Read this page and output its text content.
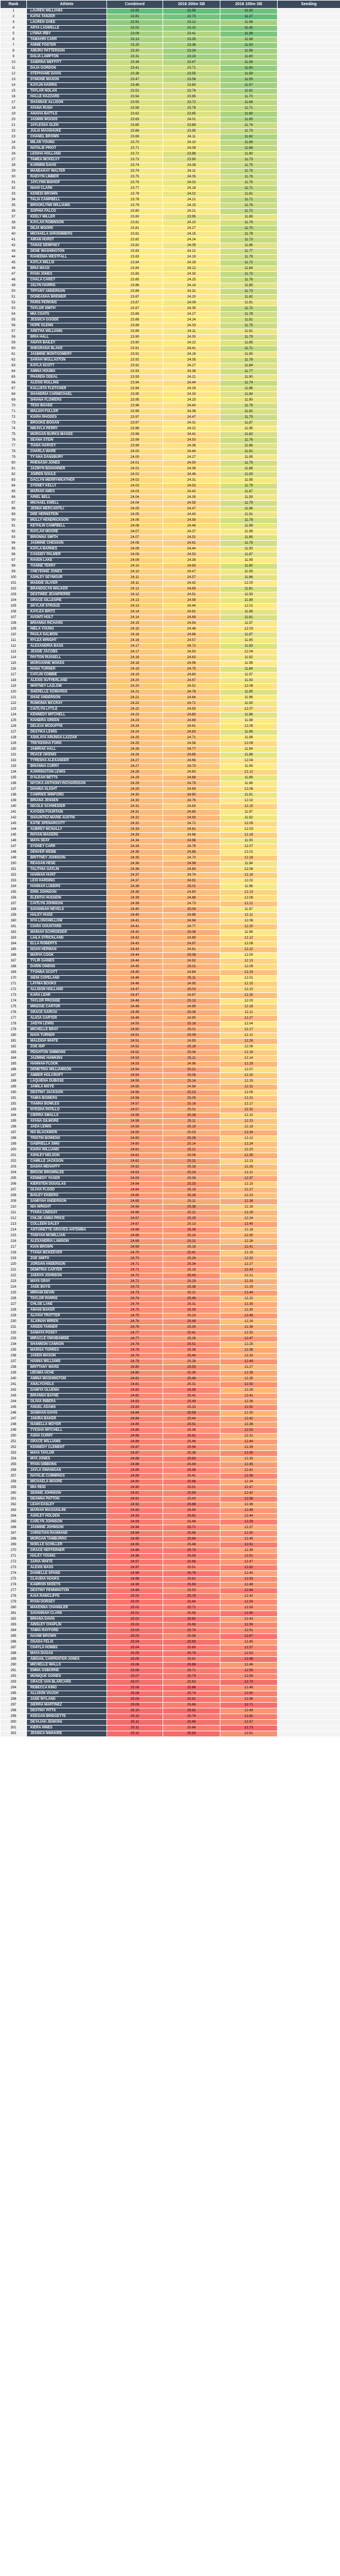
Rank	Athlete	Combined	2016 200m SB	2016 100m SB	Seeding
1	LAUREN WILLIAMS	22.55	22.55	11.32	
2	KATIA TANZER	22.81	22.73	11.27	
3	LAUREN GHEE	22.91	23.12	11.58	
4	ARYA LASWELLE	23.02	23.10	11.42	
5	LYNNA IRBY	23.09	23.41	11.39	
6	TAMAHRI CARR	23.13	23.35	11.58	
7	ANNIE FOSTER	23.25	23.36	11.50	
8	AMURU PATTERSON	23.30	23.24	11.56	
9	DALIA LAMPTON	23.31	23.23	11.60	
10	SABRINA MEFFITT	23.38	23.47	11.58	
11	DAJA GORDON	23.41	23.71	11.50	
12	STEPHANIE DAVIS	23.38	23.55	11.59	
13	SYMONE MASON	23.47	23.58	11.55	
14	KAYLIN HARRIS	23.48	23.80	11.57	
15	TAYLAR NOLAN	23.52	23.78	11.61	
16	HALLE HAZZARD	23.54	23.85	11.70	
17	SHANNAE ALLISON	23.55	23.72	11.68	
18	AYANA RUSH	23.58	23.78	11.71	
19	ANAVIA BATTLE	23.62	23.85	11.60	
20	JASMIN WOODS	23.63	24.01	11.65	
21	JAYLESSA GLEN	23.65	23.89	11.74	
22	JULIA MAOSHUKE	23.66	23.95	11.73	
23	CHANEL BROWN	23.69	24.11	11.62	
24	MILAN YOUNG	23.70	24.10	11.69	
25	NATALIE PRIOT	23.71	24.08	11.68	
26	LEIGHA HOLLAND	23.72	23.86	11.80	
27	TAMEA MCKELVY	23.73	23.90	11.73	
28	KARMINI DAVIS	23.74	24.08	11.75	
29	MANDAKAY WALTER	23.74	24.11	11.73	
30	RAEVYN LIMBER	23.75	24.05	11.76	
31	JAYLYNN BISHOP	23.76	24.02	11.79	
32	NIAHI CLARK	23.77	24.18	11.71	
33	KENEDI BROWN	23.78	24.02	11.81	
34	TALIA CAMPBELL	23.78	24.21	11.71	
35	BROOKLYNN WILLIAMS	23.79	24.15	11.76	
36	SOPHIA FALCO	23.80	24.21	11.72	
37	KEELY MILLER	23.80	23.95	11.89	
38	KAYLAH ROBINSON	23.81	24.10	11.79	
39	DEJA MOORE	23.81	24.27	11.70	
40	MICHAELA SHIVEMMERS	23.81	24.15	11.78	
41	AIRAN HURST	23.82	24.24	11.73	
42	TANAE DEMPSEY	23.82	24.05	11.86	
43	DENE WASHINGTON	23.83	24.21	11.77	
44	RAHEEMA WESTFALL	23.83	24.19	11.79	
45	KAYLA WILLIS	23.84	24.28	11.72	
46	BRIA MACK	23.84	24.12	11.84	
47	RYAN JONES	23.85	24.30	11.72	
48	CHALA CAREY	23.85	24.25	11.76	
49	JALYN HARRIS	23.86	24.14	11.85	
50	TIFFANY ANDERSON	23.86	24.31	11.73	
51	DONEASHA BREWER	23.87	24.20	11.82	
52	PARIS PERKINS	23.87	24.09	11.91	
53	TAYLOR SMITH	23.87	24.35	11.72	
54	MIA COATS	23.88	24.27	11.78	
55	JESSICA GOODE	23.88	24.24	11.81	
56	HOPE GLENN	23.89	24.33	11.75	
57	ARETHA WILLIAMS	23.89	24.11	11.91	
58	BRIA HALL	23.90	24.30	11.79	
59	ANAYA BAILEY	23.90	24.22	11.85	
60	SHEGRANA BLAKE	23.91	24.41	11.71	
61	JASMINE MONTGOMERY	23.91	24.18	11.90	
62	SARAH WOLLASTON	23.92	24.35	11.78	
63	KAYLA SCOTT	23.92	24.27	11.84	
64	AMINA HOUMA	23.93	24.38	11.77	
65	PHAREN ODEAL	23.93	24.21	11.90	
66	ALEXIS ROLLINS	23.94	24.44	11.74	
67	KALLISTA FLETCHER	23.94	24.29	11.86	
68	SHANDRIA CARMICHAEL	23.95	24.33	11.84	
69	SHIANA FLOWERS	23.95	24.25	11.90	
70	TESS BOADE	23.96	24.40	11.79	
71	MALIAH FULLER	23.96	24.36	11.82	
72	KIARA RHODES	23.97	24.47	11.75	
73	BROOKE BOGAN	23.97	24.31	11.87	
74	NIKAYLA PERRY	23.98	24.22	11.95	
75	MORGAN BURKS-MAGEE	23.98	24.41	11.82	
76	SEANA STEIN	23.99	24.50	11.76	
77	TIANA HARVEY	23.99	24.36	11.86	
78	CHARLA WARE	24.00	24.44	11.81	
79	TY'ANA DANSBURY	24.00	24.27	11.95	
80	RHENASH JONES	24.01	24.50	11.79	
81	JAZMYN BOHANNER	24.01	24.38	11.88	
82	JOIREN SOULE	24.02	24.46	11.83	
83	DACLYN MERRYWEATHER	24.02	24.31	11.95	
84	SYDNEY KELLY	24.03	24.53	11.79	
85	MARIAH AMES	24.03	24.42	11.87	
86	ARIEL BELL	24.04	24.35	11.93	
87	MICHAEL EWELL	24.04	24.55	11.79	
88	JENNA MERCANTILI	24.05	24.47	11.86	
89	DRE HERNSTEIN	24.05	24.40	11.91	
90	MOLLY HENDRICKSON	24.06	24.58	11.78	
91	KETHLIN CAMPBELL	24.06	24.46	11.89	
92	RAYLAH MOORE	24.07	24.37	11.98	
93	BRIONNA SMITH	24.07	24.52	11.85	
94	JASMINE CHESSON	24.08	24.61	11.79	
95	KAYLA BARNES	24.08	24.44	11.93	
96	CASSIDY PALMER	24.09	24.53	11.87	
97	RAVEN LAKE	24.09	24.38	11.99	
98	TIANNE TERRY	24.10	24.63	11.80	
99	CHEYENNE JONES	24.10	24.47	11.93	
100	ASHLEY SEYMOUR	24.11	24.57	11.86	
101	MADDIE OLIVER	24.11	24.42	12.00	
102	BRANDOLYN WALKER	24.12	24.65	11.81	
103	DESTINEE JEANPIERRE	24.12	24.51	11.93	
104	GRACE GILLESPIE	24.13	24.58	11.89	
105	SKYLAR STROUD	24.13	24.44	12.01	
106	KAYLEA BRITZ	24.14	24.61	11.88	
107	AVONTI HOLT	24.14	24.69	11.81	
108	BRIANNA RICHARD	24.15	24.54	11.97	
109	NIELA YOUNG	24.15	24.48	12.03	
110	PAULA SALMON	24.16	24.66	11.87	
111	RYLEA WRIGHT	24.16	24.57	11.95	
112	ALEXANDRIA BASS	24.17	24.72	11.83	
113	JESSIE JACOBS	24.17	24.50	12.04	
114	PAYTON RUSSELL	24.18	24.63	11.92	
115	MORGANNE MOKES	24.18	24.56	11.99	
116	NANA TURNER	24.19	24.75	11.84	
117	CAYLIN COBBIE	24.19	24.60	11.97	
118	ALEXIS SUTHERLAND	24.20	24.67	11.93	
119	WHITNEY LAZLOW	24.20	24.52	12.06	
120	SHERELLE SOWARDS	24.21	24.78	11.85	
121	SHAE ANDERSON	24.21	24.64	11.96	
122	ROMONIA MCCRAY	24.22	24.71	11.93	
123	CAITLYN LITTLE	24.22	24.55	12.07	
124	KENNEDY MITCHELL	24.23	24.80	11.86	
125	KIANDRA GREEN	24.23	24.68	11.98	
126	DELICIA MCDUFFIE	24.24	24.61	12.05	
127	DESTIKA LEWIS	24.24	24.83	11.86	
128	ASHLAYA ARUNGA-LAZZAR	24.25	24.71	11.98	
129	TRE'KEISHA FORD	24.25	24.58	12.09	
130	JAMIRAE HALL	24.26	24.77	11.94	
131	PEACE OKENIS	24.26	24.85	11.88	
132	TYRESHA ALEXANDER	24.27	24.66	12.04	
133	BRIANNA CURRY	24.27	24.73	11.99	
134	KARRINGTON LEWIS	24.28	24.60	12.12	
135	D'ALEAH BETTS	24.28	24.88	11.89	
136	NIYOKA ANTHONY-RICHARDSON	24.29	24.79	11.98	
137	DIANNA SLIGHT	24.29	24.69	12.06	
138	CAMRIKE WINFORD	24.30	24.90	11.91	
139	BRIANA JENSEN	24.30	24.76	12.02	
140	NICOLE SCHWEIDER	24.31	24.63	12.15	
141	KAYDEN FOUNTAIN	24.31	24.85	11.97	
142	SHAUNTEZ-MARIE AUSTIN	24.32	24.93	11.92	
143	KATIE SPENARCOTT	24.32	24.72	12.09	
144	AUBREY MCNALLY	24.33	24.81	12.03	
145	RHYAN MAGERS	24.33	24.66	12.16	
146	MAYA SEAY	24.34	24.96	11.93	
147	SYDNEY CARR	24.34	24.78	12.07	
148	DENVER WEBB	24.35	24.88	12.01	
149	BRITTNEY JOHNSON	24.35	24.70	12.18	
150	REAGAN HESE	24.36	24.99	11.94	
151	TALITHIA GATLIN	24.36	24.84	12.06	
152	HANNAH HUNT	24.37	24.74	12.16	
153	LEXI HARDING	24.37	24.91	12.02	
154	HANNAH LUDERS	24.38	25.01	11.96	
155	ERIN JOHNSON	24.38	24.80	12.13	
156	ELENTIA HUSSEIN	24.39	24.88	12.08	
157	CAITLYN JOHNSON	24.39	24.73	12.21	
158	SAVANNAH NEVELS	24.40	25.04	11.97	
159	HALEY HUGE	24.40	24.86	12.11	
160	NYA LONGWILLOW	24.41	24.94	12.06	
161	CIARA GOUSTARD	24.41	24.77	12.20	
162	MARIAH SCHROEDER	24.42	25.06	11.98	
163	LAILA STRICKLAND	24.42	24.89	12.12	
164	ELLA ROBERTS	24.43	24.97	12.08	
165	NOAH HERMAN	24.43	24.81	12.22	
166	MARYA COOK	24.44	25.08	12.00	
167	TYLIR GAINES	24.44	24.92	12.13	
168	DARIN OWENS	24.45	25.01	12.09	
169	TYONNA SCOTT	24.45	24.84	12.24	
170	SIENI COPELAND	24.46	25.11	12.01	
171	LAYNIA BOOKS	24.46	24.95	12.15	
172	ALLISON HOLLAND	24.47	25.03	12.10	
173	KARA LEHR	24.47	24.87	12.25	
174	TAYLOR PROSISE	24.48	25.13	12.03	
175	MINZGIE CARTOR	24.48	24.99	12.16	
176	GRACE GARCIA	24.49	25.06	12.11	
177	ALICIA CARTER	24.49	24.90	12.27	
178	JADYN LEWIS	24.50	25.16	12.04	
179	MICHELLE BRAY	24.50	25.01	12.17	
180	NAVA TURNER	24.51	25.09	12.12	
181	MALEIGH WHITE	24.51	24.93	12.28	
182	ZOE ISIP	24.52	25.18	12.06	
183	PEIGHTON SIMMONS	24.52	25.04	12.18	
184	JAZMINE HAWKINS	24.53	25.11	12.14	
185	HANNAH FLOOK	24.53	24.96	12.29	
186	DEMETRIA WILLIAMSON	24.54	25.21	12.07	
187	AMBER HOLCROFT	24.54	25.06	12.20	
188	LAQUIENA DUBOSE	24.55	25.14	12.15	
189	JAMILA MOYE	24.55	24.98	12.31	
190	DESTINY JACKSON	24.56	25.23	12.09	
191	TAMIA BOWERS	24.56	25.09	12.21	
192	TIANNA BOWLES	24.57	25.16	12.17	
193	NYESHA PATILLO	24.57	25.01	12.32	
194	CIERRA SMALLS	24.58	25.26	12.10	
195	AYANA GILMORE	24.58	25.11	12.23	
196	JADA LEWIS	24.59	25.19	12.18	
197	NIA BLACKMON	24.59	25.03	12.34	
198	TRISTIN BOWENS	24.60	25.28	12.12	
199	GABRIELLA SIMS	24.60	25.14	12.24	
200	KIARA WILLIAMS	24.61	25.21	12.20	
201	ASHLEY NELSON	24.61	25.06	12.35	
202	CAMILLE JACKSON	24.62	25.31	12.13	
203	DASHA MEHAFFY	24.62	25.16	12.26	
204	BROOK BROWNLEE	24.63	25.24	12.21	
205	KENNEDY YAGER	24.63	25.08	12.37	
206	KIERSTEN DOUGLAS	24.64	25.33	12.15	
207	OLIVIA FLOOD	24.64	25.19	12.27	
208	BAILEY EKBERG	24.65	25.26	12.23	
209	SAMIYAH ANDERSON	24.65	25.11	12.38	
210	NIA WRIGHT	24.66	25.36	12.16	
211	TYARA LINDSAY	24.66	25.21	12.29	
212	CHLOE-ANNA PRICE	24.67	25.29	12.24	
213	COLLEEN DALEY	24.67	25.13	12.40	
214	ANTOINETTE GROVES-ANTEMBA	24.68	25.38	12.18	
215	TANIYAH MCMILLIAN	24.68	25.24	12.30	
216	ALEXANDRIA LAWSON	24.69	25.31	12.26	
217	KIAN BROWN	24.69	25.16	12.41	
218	TYANA MCKEEVER	24.70	25.41	12.19	
219	ZOE SMITH	24.70	25.26	12.32	
220	JORDAN ANDERSON	24.71	25.34	12.27	
221	DEMITRIA CARTER	24.71	25.18	12.43	
222	JAENYA JOHNSON	24.72	25.43	12.21	
223	MAYA GRAY	24.72	25.29	12.33	
224	JADE BOYD	24.73	25.36	12.29	
225	MIRIAM DEVIN	24.73	25.21	12.44	
226	TAYLOR PARRIS	24.74	25.46	12.22	
227	CHLOE LANE	24.74	25.31	12.35	
228	AMANI BAKER	24.75	25.39	12.30	
229	ALIYAH TROTTER	24.75	25.23	12.46	
230	ALAINAH WIREN	24.76	25.48	12.24	
231	ARDEN TANNER	24.76	25.34	12.36	
232	SAMAYA POSEY	24.77	25.41	12.32	
233	MIRACLE OWOBAMIDE	24.77	25.26	12.47	
234	SHANNON CANNON	24.78	25.51	12.25	
235	MARISA TORRES	24.78	25.36	12.38	
236	JADEN MASON	24.79	25.44	12.33	
237	HANNA WILLIAMS	24.79	25.28	12.49	
238	BRITTANY WARD	24.80	25.53	12.27	
239	IJEOMA UCHE	24.80	25.39	12.39	
240	AMINA WASHINGTON	24.81	25.46	12.35	
241	ANALYCHOLS	24.81	25.31	12.50	
242	DAMIYA OLUEMA	24.82	25.56	12.28	
243	BRIANNA BAYNE	24.82	25.41	12.41	
244	OLIVIA RIBERA	24.83	25.49	12.36	
245	ANGEL ADAMS	24.83	25.33	12.52	
246	SIOBHAN DAVIS	24.84	25.58	12.30	
247	JAKIRA BAKER	24.84	25.44	12.42	
248	ISABELLA MOYER	24.85	25.51	12.38	
249	TYESHA MITCHELL	24.85	25.36	12.53	
250	ASHA CURRY	24.86	25.61	12.31	
251	GRACE WILLIAMS	24.86	25.46	12.44	
252	KENNEDY CLEMENT	24.87	25.54	12.39	
253	MAYA TAYLOR	24.87	25.38	12.55	
254	MYA JONES	24.88	25.63	12.33	
255	RYAN GIBBONS	24.88	25.49	12.45	
256	JAYLA SWANIGAN	24.89	25.56	12.41	
257	NATALIE CUMMINGS	24.89	25.41	12.56	
258	MICHAELA MOORE	24.90	25.66	12.34	
259	MIA REID	24.90	25.51	12.47	
260	SENNIE JOHNSON	24.91	25.59	12.42	
261	DEANNA PATTON	24.91	25.43	12.58	
262	LEAH EASLEY	24.92	25.68	12.36	
263	MARIAH MAGGIOLINI	24.92	25.54	12.48	
264	ASHLEY HOLDEN	24.93	25.61	12.44	
265	CARLYN JOHNSON	24.93	25.46	12.59	
266	JASMINE JOHNSON	24.94	25.71	12.37	
267	CHRISTIAN RASMAND	24.94	25.56	12.50	
268	MORGAN TAMBURRO	24.95	25.64	12.45	
269	NOELLE SCHILLER	24.95	25.48	12.61	
270	GRACE HEFFERNER	24.96	25.73	12.39	
271	HALEY YOUNG	24.96	25.59	12.51	
272	ZARIA WHITE	24.97	25.66	12.47	
273	ALEXIS BASS	24.97	25.51	12.62	
274	DANIELLE SPAND	24.98	25.76	12.40	
275	CLAUDIA HOOKS	24.98	25.61	12.53	
276	KAMRON SKEETS	24.99	25.69	12.48	
277	DESTINY PENNINGTON	24.99	25.53	12.64	
278	KAIA RAWCLIFFE	25.00	25.78	12.42	
279	RYAN DORSEY	25.00	25.64	12.54	
280	MAKENNA CHANDLER	25.01	25.71	12.50	
281	SAVANNAH CLARK	25.01	25.56	12.65	
282	BRIANA DAVIS	25.02	25.81	12.43	
283	AINSLEY CHAPLIN	25.02	25.66	12.56	
284	TAMIA RAYFORD	25.03	25.74	12.51	
285	NAOMI BROWN	25.03	25.58	12.67	
286	OSADA FELIX	25.04	25.83	12.45	
287	CHAYLA HOBBS	25.04	25.69	12.57	
288	MAYA DUGAS	25.05	25.76	12.53	
289	ABIGAIL CARPENTER-JONES	25.05	25.61	12.68	
290	MICHELLE WALLS	25.06	25.86	12.46	
291	EMMA OSBORNE	25.06	25.71	12.59	
292	MONIQUE GOINES	25.07	25.79	12.54	
293	GRACE VAN BLARCARD	25.07	25.63	12.70	
294	REBECCA KING	25.08	25.88	12.48	
295	ALLISON VAUGH	25.08	25.74	12.60	
296	JADE WYLAND	25.09	25.81	12.56	
297	SIERRA MARTINEZ	25.09	25.66	12.71	
298	DESTINY PITTS	25.10	25.91	12.49	
299	KEEGAN BRIDGETTE	25.10	25.76	12.62	
300	DEYAJAH JENKINS	25.11	25.84	12.57	
301	KIERA HINES	25.11	25.68	12.73	
302	JESSICA NWAKIRE	25.12	25.93	12.51	
